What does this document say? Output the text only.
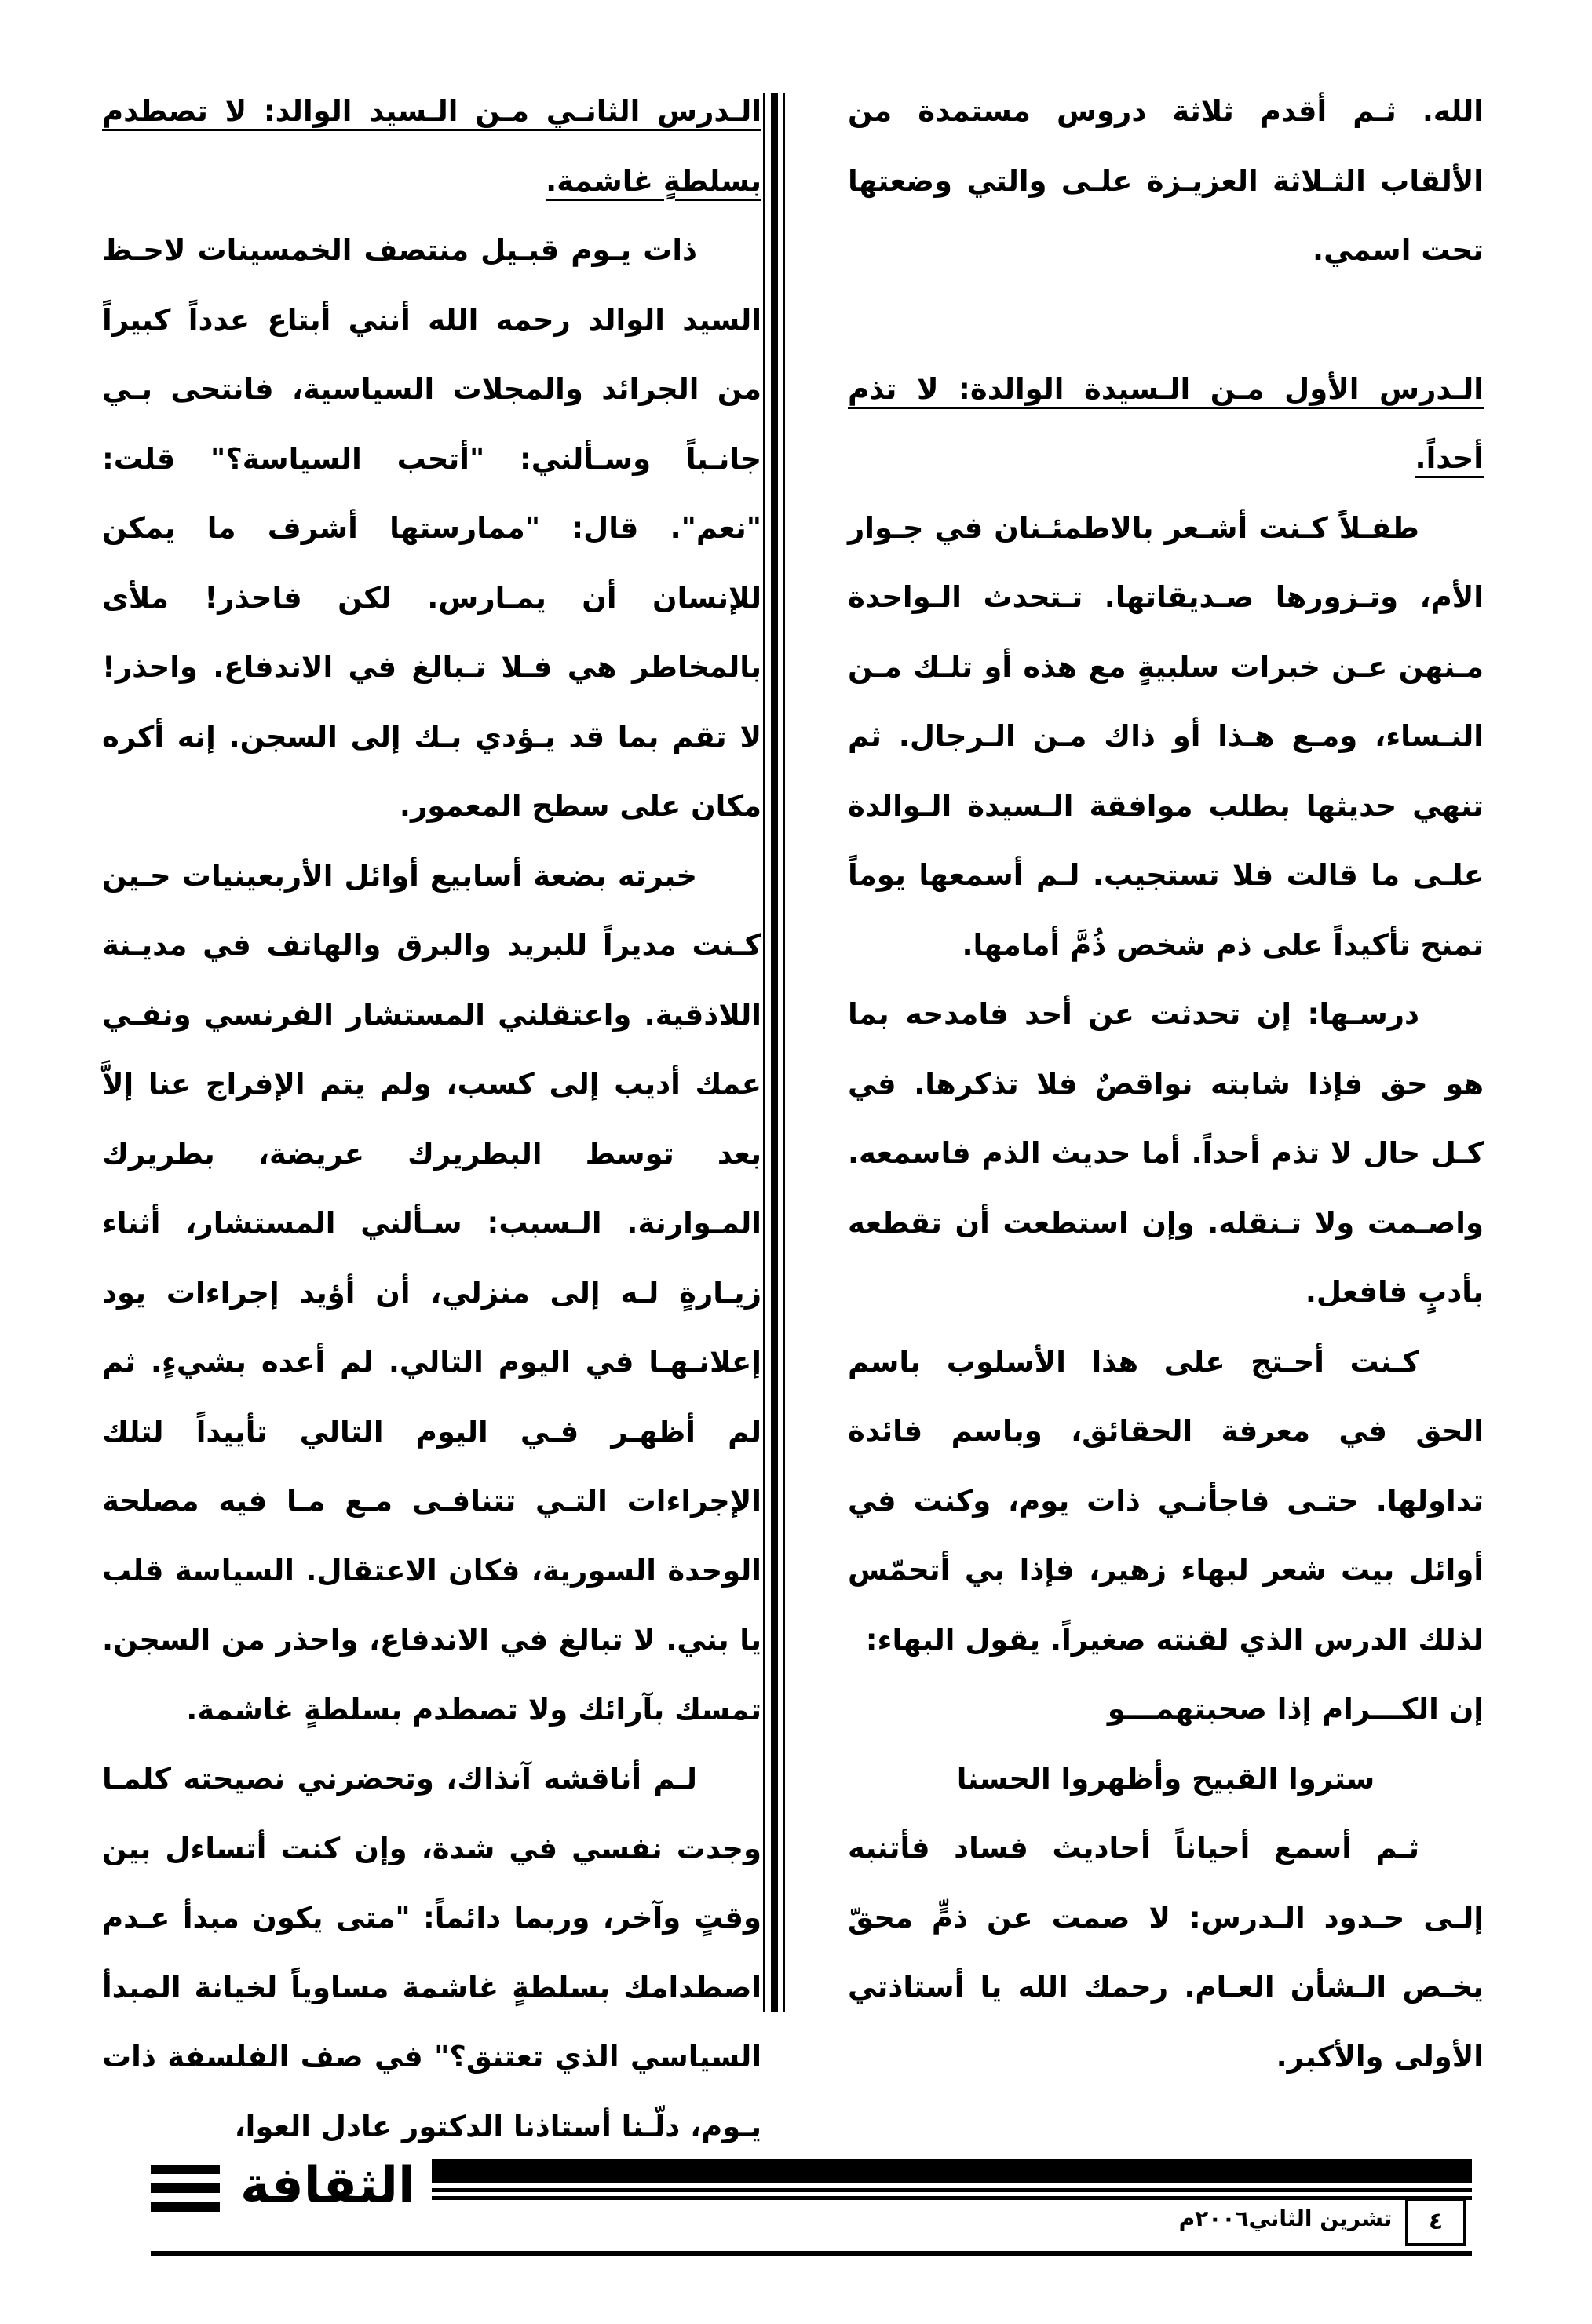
الله. ثـم أقدم ثلاثة دروس مستمدة من الألقاب الثـلاثة العزيـزة علـى والتي وضعتها تحت اسمي.

الـدرس الأول مـن الـسيدة الوالدة: لا تذم أحداً.

طفـلاً كـنت أشـعر بالاطمئـنان في جـوار الأم، وتـزورها صـديقاتها. تـتحدث الـواحدة مـنهن عـن خبرات سلبيةٍ مع هذه أو تلـك مـن النـساء، ومـع هـذا أو ذاك مـن الـرجال. ثم تنهي حديثها بطلب موافقة الـسيدة الـوالدة علـى ما قالت فلا تستجيب. لـم أسمعها يوماً تمنح تأكيداً على ذم شخص ذُمَّ أمامها.

درسـها: إن تحدثت عن أحد فامدحه بما هو حق فإذا شابته نواقصٌ فلا تذكرها. في كـل حال لا تذم أحداً. أما حديث الذم فاسمعه. واصـمت ولا تـنقله. وإن استطعت أن تقطعه بأدبٍ فافعل.

كـنت أحـتج على هذا الأسلوب باسم الحق في معرفة الحقائق، وباسم فائدة تداولها. حتـى فاجأنـي ذات يوم، وكنت في أوائل بيت شعر لبهاء زهير، فإذا بي أتحمّس لذلك الدرس الذي لقنته صغيراً. يقول البهاء:

إن الكـــرام إذا صحبتهمـــو

ستروا القبيح وأظهروا الحسنا

ثـم أسمع أحياناً أحاديث فساد فأتنبه إلـى حـدود الـدرس: لا صمت عن ذمٍّ محقّ يخـص الـشأن العـام. رحمك الله يا أستاذتي الأولى والأكبر.

الـدرس الثانـي مـن الـسيد الوالد: لا تصطدم بسلطةٍ غاشمة.

ذات يـوم قبـيل منتصف الخمسينات لاحـظ السيد الوالد رحمه الله أنني أبتاع عدداً كبيراً من الجرائد والمجلات السياسية، فانتحى بـي جانـباً وسـألني: "أتحب السياسة؟" قلت: "نعم". قال: "ممارستها أشرف ما يمكن للإنسان أن يمـارس. لكن فاحذر! ملأى بالمخاطر هي فـلا تـبالغ في الاندفاع. واحذر! لا تقم بما قد يـؤدي بـك إلى السجن. إنه أكره مكان على سطح المعمور.

خبرته بضعة أسابيع أوائل الأربعينيات حـين كـنت مديراً للبريد والبرق والهاتف في مديـنة اللاذقية. واعتقلني المستشار الفرنسي ونفـي عمك أديب إلى كسب، ولم يتم الإفراج عنا إلاَّ بعد توسط البطريرك عريضة، بطريرك المـوارنة. الـسبب: سـألني المستشار، أثناء زيـارةٍ لـه إلى منزلي، أن أؤيد إجراءات يود إعلانـهـا في اليوم التالي. لم أعده بشيءٍ. ثم لم أظهـر فـي اليوم التالي تأييداً لتلك الإجراءات التـي تتنافـى مـع مـا فيه مصلحة الوحدة السورية، فكان الاعتقال. السياسة قلب يا بني. لا تبالغ في الاندفاع، واحذر من السجن. تمسك بآرائك ولا تصطدم بسلطةٍ غاشمة.

لـم أناقشه آنذاك، وتحضرني نصيحته كلمـا وجدت نفسي في شدة، وإن كنت أتساءل بين وقتٍ وآخر، وربما دائماً: "متى يكون مبدأ عـدم اصطدامك بسلطةٍ غاشمة مساوياً لخيانة المبدأ السياسي الذي تعتنق؟" في صف الفلسفة ذات يـوم، دلّـنا أستاذنا الدكتور عادل العوا،

الثقافة
تشرين الثاني٢٠٠٦م	٤
